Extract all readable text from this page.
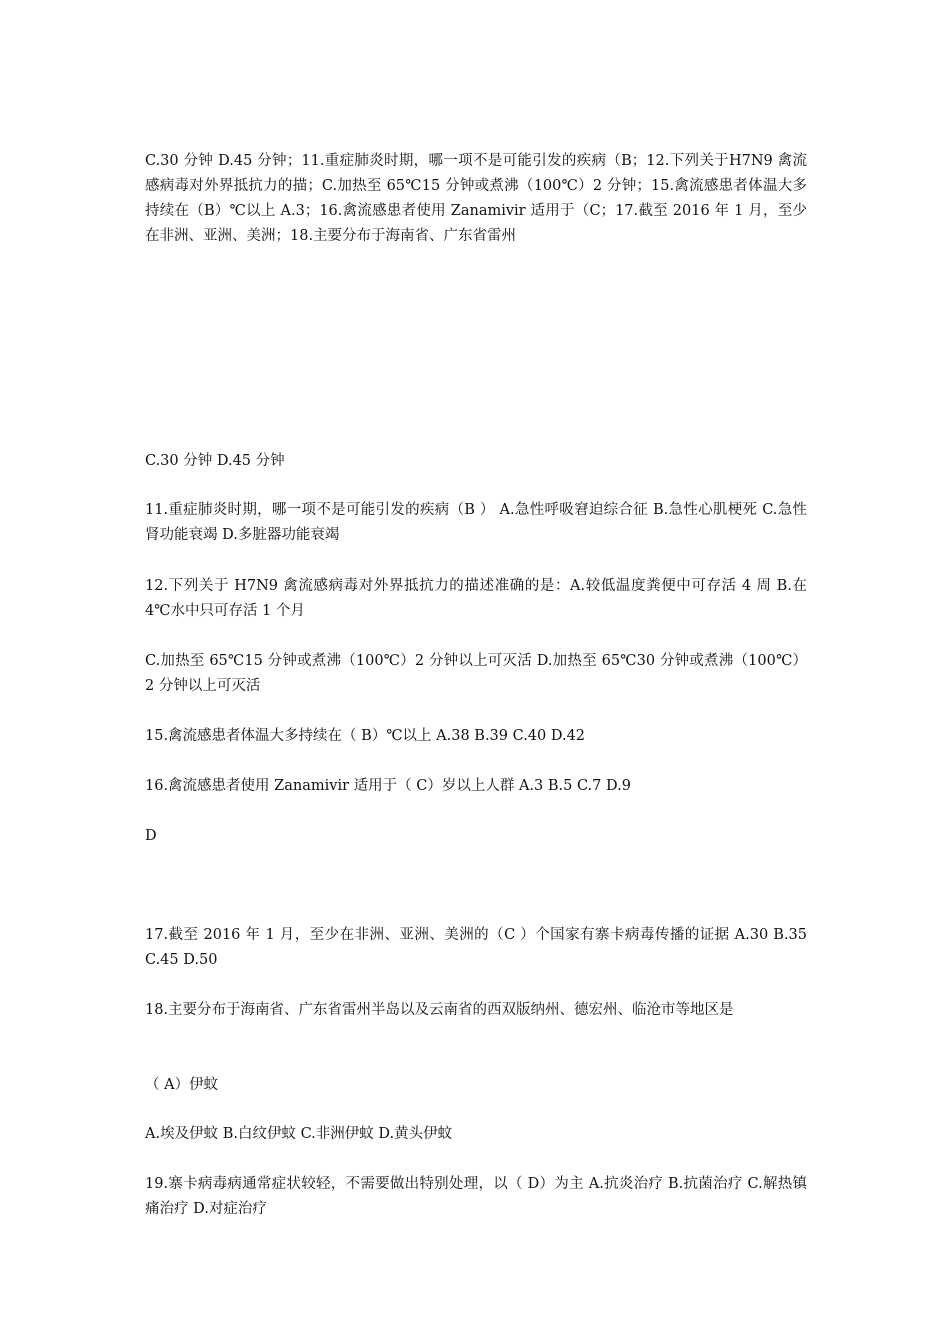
C.30 分钟 D.45 分钟；11.重症肺炎时期，哪一项不是可能引发的疾病（B；12.下列关于H7N9 禽流感病毒对外界抵抗力的描；C.加热至 65℃15 分钟或煮沸（100℃）2 分钟；15.禽流感患者体温大多持续在（B）℃以上 A.3；16.禽流感患者使用 Zanamivir 适用于（C；17.截至 2016 年 1 月，至少在非洲、亚洲、美洲；18.主要分布于海南省、广东省雷州
C.30 分钟 D.45 分钟
11.重症肺炎时期，哪一项不是可能引发的疾病（B ） A.急性呼吸窘迫综合征 B.急性心肌梗死 C.急性肾功能衰竭 D.多脏器功能衰竭
12.下列关于 H7N9 禽流感病毒对外界抵抗力的描述准确的是：A.较低温度粪便中可存活 4 周 B.在 4℃水中只可存活 1 个月
C.加热至 65℃15 分钟或煮沸（100℃）2 分钟以上可灭活 D.加热至 65℃30 分钟或煮沸（100℃）2 分钟以上可灭活
15.禽流感患者体温大多持续在（ B）℃以上 A.38 B.39 C.40 D.42
16.禽流感患者使用 Zanamivir 适用于（ C）岁以上人群 A.3 B.5 C.7 D.9
D
17.截至 2016 年 1 月，至少在非洲、亚洲、美洲的（C ）个国家有寨卡病毒传播的证据 A.30 B.35 C.45 D.50
18.主要分布于海南省、广东省雷州半岛以及云南省的西双版纳州、德宏州、临沧市等地区是
（ A）伊蚊
A.埃及伊蚊 B.白纹伊蚊 C.非洲伊蚊 D.黄头伊蚊
19.寨卡病毒病通常症状较轻，不需要做出特别处理，以（ D）为主 A.抗炎治疗 B.抗菌治疗 C.解热镇痛治疗 D.对症治疗
